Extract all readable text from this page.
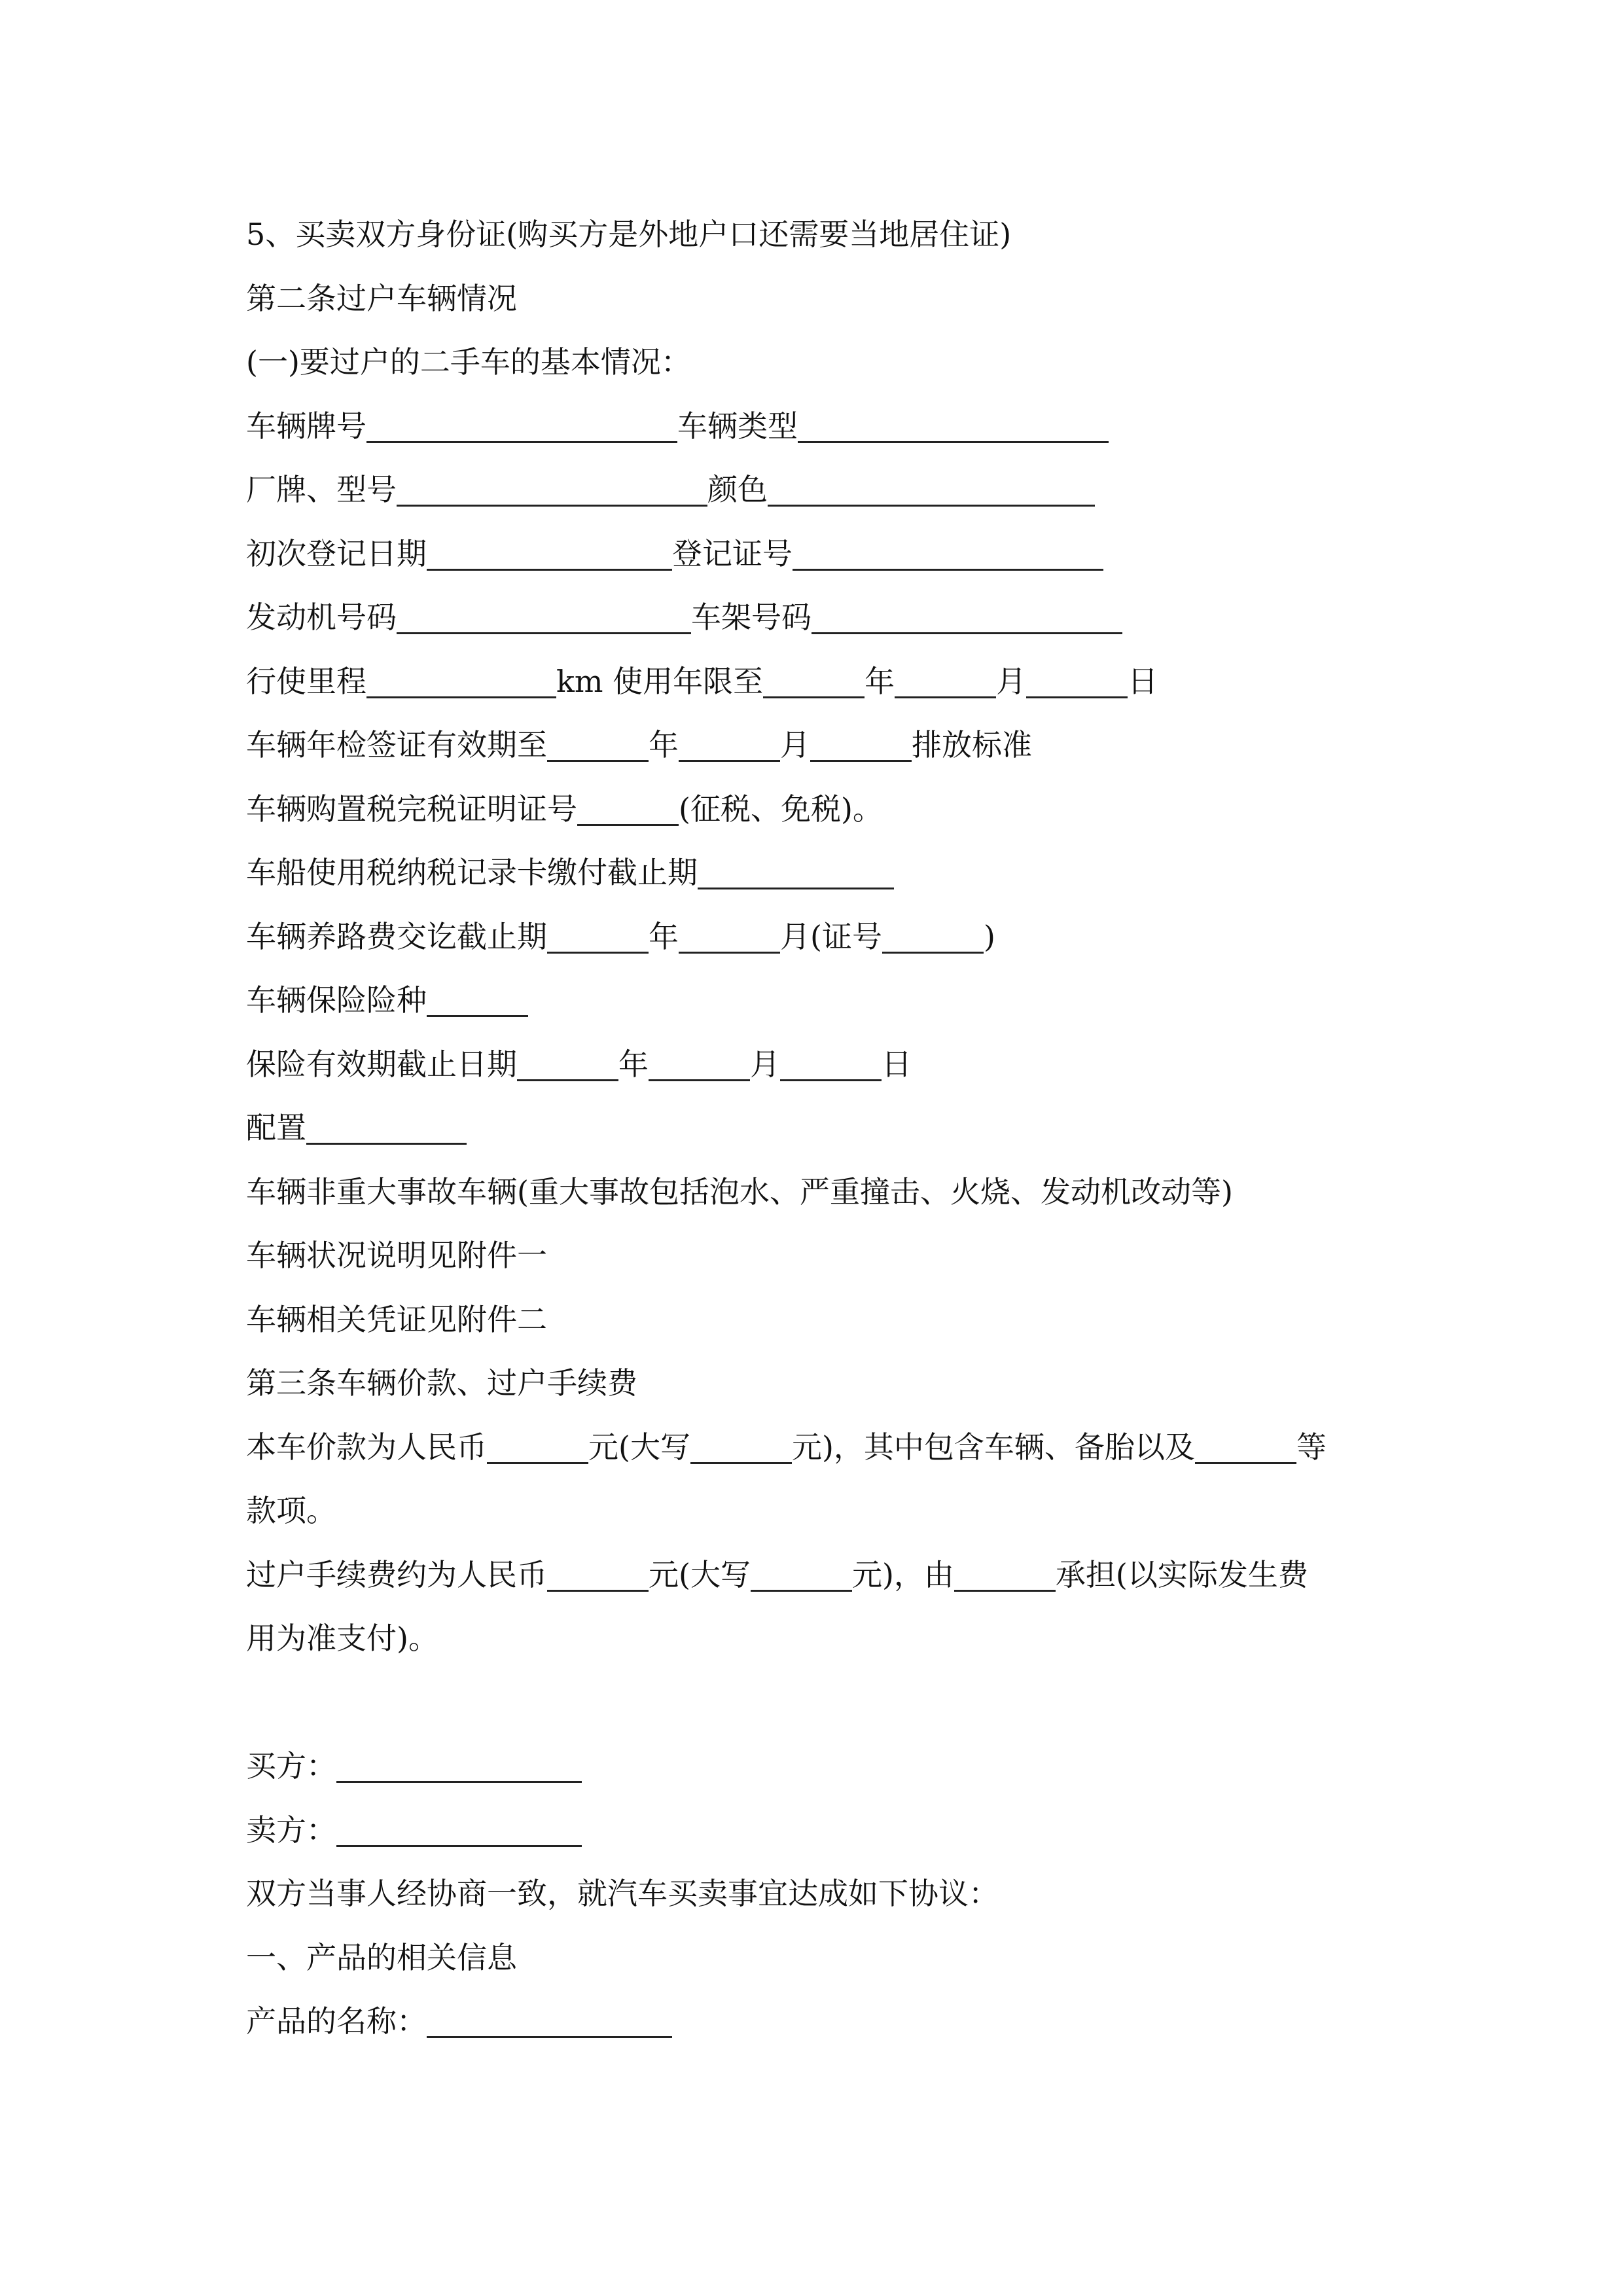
5、买卖双方身份证(购买方是外地户口还需要当地居住证)
第二条过户车辆情况
(一)要过户的二手车的基本情况：
车辆牌号	车辆类型
厂牌、型号	颜色
初次登记日期	登记证号
发动机号码	车架号码
行使里程	km 使用年限至	年	月	日
车辆年检签证有效期至	年	月	排放标准
车辆购置税完税证明证号	(征税、免税)。
车船使用税纳税记录卡缴付截止期
车辆养路费交讫截止期	年	月(证号	)
车辆保险险种
保险有效期截止日期	年	月	日
配置
车辆非重大事故车辆(重大事故包括泡水、严重撞击、火烧、发动机改动等)
车辆状况说明见附件一
车辆相关凭证见附件二
第三条车辆价款、过户手续费
本车价款为人民币	元(大写	元)，其中包含车辆、备胎以及	等
款项。
过户手续费约为人民币	元(大写	元)，由	承担(以实际发生费
用为准支付)。
买方：
卖方：
双方当事人经协商一致，就汽车买卖事宜达成如下协议：
一、产品的相关信息
产品的名称：
